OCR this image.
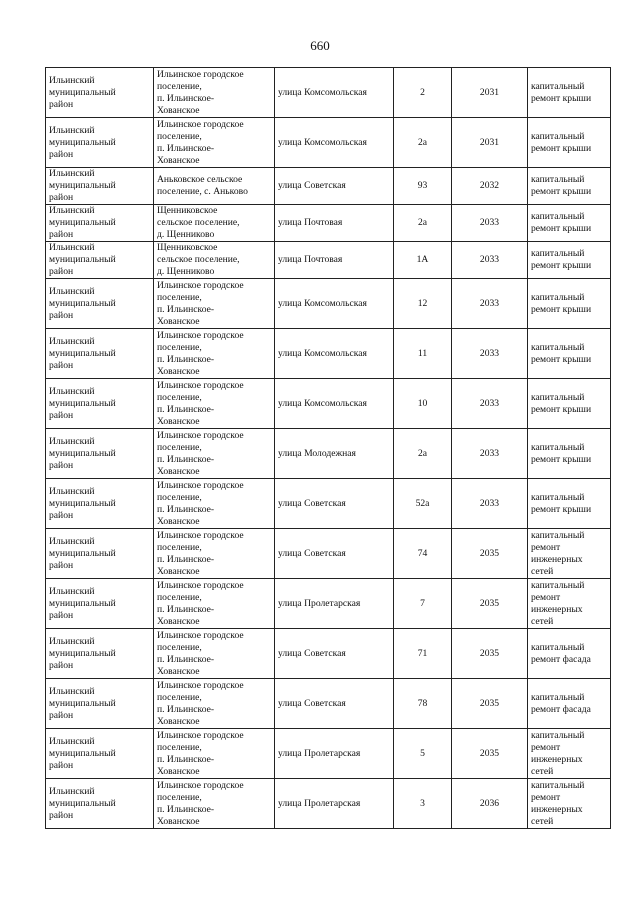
660
Ильинский
муниципальный
район	Ильинское городское
поселение,
п. Ильинское-
Хованское	улица Комсомольская	2	2031	капитальный
ремонт крыши

Ильинский
муниципальный
район	Ильинское городское
поселение,
п. Ильинское-
Хованское	улица Комсомольская	2а	2031	капитальный
ремонт крыши

Ильинский
муниципальный
район	Аньковское сельское
поселение, с. Аньково	улица Советская	93	2032	капитальный
ремонт крыши

Ильинский
муниципальный
район	Щенниковское
сельское поселение,
д. Щенниково	улица Почтовая	2а	2033	капитальный
ремонт крыши

Ильинский
муниципальный
район	Щенниковское
сельское поселение,
д. Щенниково	улица Почтовая	1А	2033	капитальный
ремонт крыши

Ильинский
муниципальный
район	Ильинское городское
поселение,
п. Ильинское-
Хованское	улица Комсомольская	12	2033	капитальный
ремонт крыши

Ильинский
муниципальный
район	Ильинское городское
поселение,
п. Ильинское-
Хованское	улица Комсомольская	11	2033	капитальный
ремонт крыши

Ильинский
муниципальный
район	Ильинское городское
поселение,
п. Ильинское-
Хованское	улица Комсомольская	10	2033	капитальный
ремонт крыши

Ильинский
муниципальный
район	Ильинское городское
поселение,
п. Ильинское-
Хованское	улица Молодежная	2а	2033	капитальный
ремонт крыши

Ильинский
муниципальный
район	Ильинское городское
поселение,
п. Ильинское-
Хованское	улица Советская	52а	2033	капитальный
ремонт крыши

Ильинский
муниципальный
район	Ильинское городское
поселение,
п. Ильинское-
Хованское	улица Советская	74	2035	капитальный
ремонт
инженерных
сетей

Ильинский
муниципальный
район	Ильинское городское
поселение,
п. Ильинское-
Хованское	улица Пролетарская	7	2035	капитальный
ремонт
инженерных
сетей

Ильинский
муниципальный
район	Ильинское городское
поселение,
п. Ильинское-
Хованское	улица Советская	71	2035	капитальный
ремонт фасада

Ильинский
муниципальный
район	Ильинское городское
поселение,
п. Ильинское-
Хованское	улица Советская	78	2035	капитальный
ремонт фасада

Ильинский
муниципальный
район	Ильинское городское
поселение,
п. Ильинское-
Хованское	улица Пролетарская	5	2035	капитальный
ремонт
инженерных
сетей

Ильинский
муниципальный
район	Ильинское городское
поселение,
п. Ильинское-
Хованское	улица Пролетарская	3	2036	капитальный
ремонт
инженерных
сетей
